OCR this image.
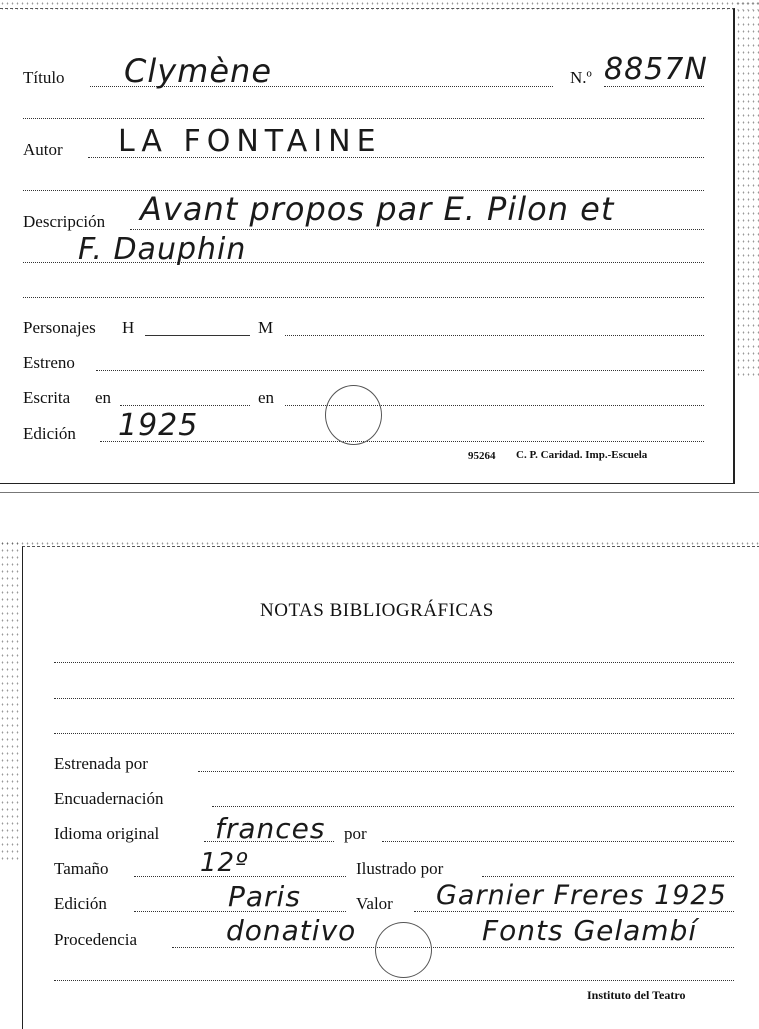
Título Clymène	N.º 8857N
Autor LA FONTAINE
Descripción Avant propos par E. Pilon et
F. Dauphin
Personajes H	M
Estreno
Escrita en	en
Edición 1925
95264 C. P. Caridad. Imp.-Escuela
NOTAS BIBLIOGRÁFICAS
Estrenada por
Encuadernación
Idioma original frances por
Tamaño	12º	Ilustrado por
Edición	Paris	Valor Garnier Freres 1925
Procedencia	donativo	Fonts Gelambí
Instituto del Teatro
